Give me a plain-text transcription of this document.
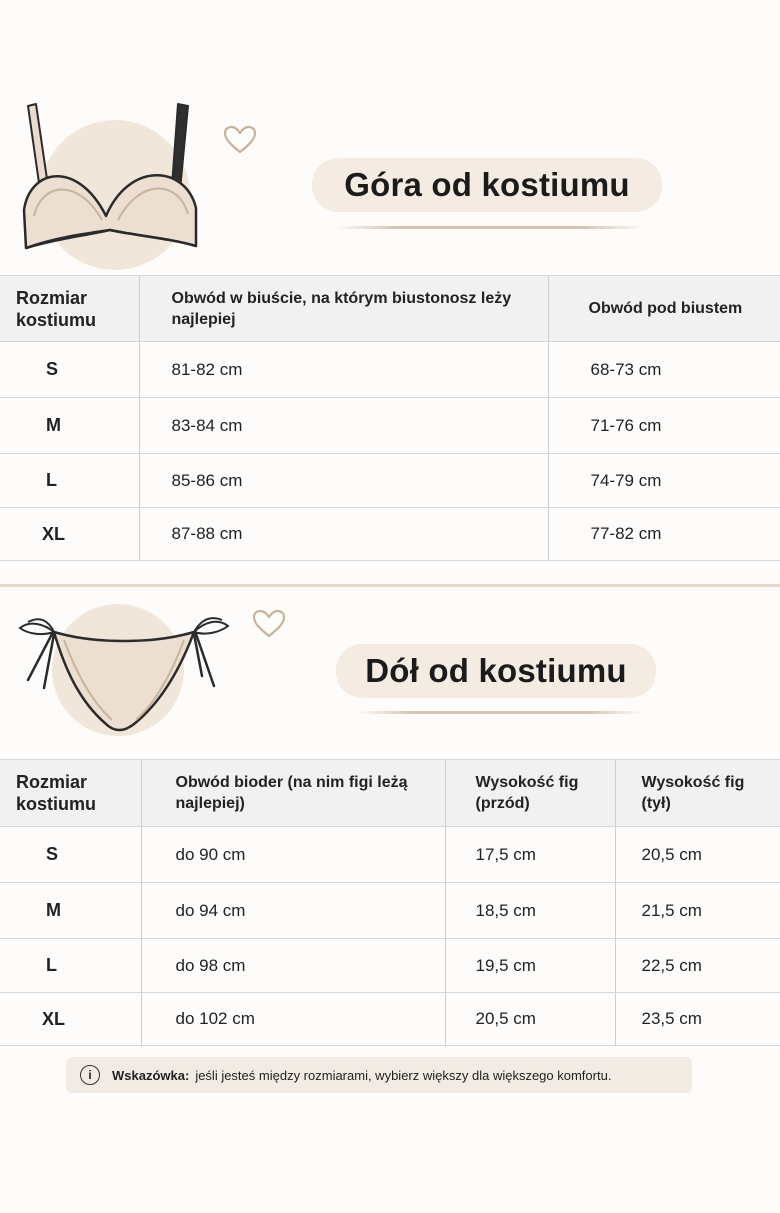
Góra od kostiumu
Rozmiar kostiumu	Obwód w biuście, na którym biustonosz leży najlepiej	Obwód pod biustem
S	81-82 cm	68-73 cm
M	83-84 cm	71-76 cm
L	85-86 cm	74-79 cm
XL	87-88 cm	77-82 cm
Dół od kostiumu
Rozmiar kostiumu	Obwód bioder (na nim figi leżą najlepiej)	Wysokość fig (przód)	Wysokość fig (tył)
S	do 90 cm	17,5 cm	20,5 cm
M	do 94 cm	18,5 cm	21,5 cm
L	do 98 cm	19,5 cm	22,5 cm
XL	do 102 cm	20,5 cm	23,5 cm
i	Wskazówka: jeśli jesteś między rozmiarami, wybierz większy dla większego komfortu.
